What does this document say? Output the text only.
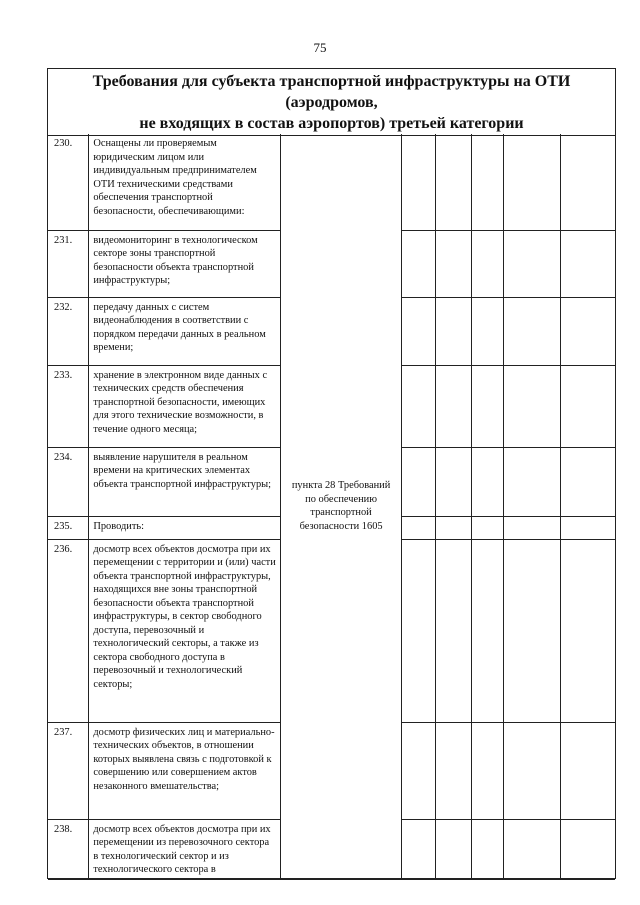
75
Требования для субъекта транспортной инфраструктуры на ОТИ (аэродромов,
не входящих в состав аэропортов) третьей категории
230.	Оснащены ли проверяемым юридическим лицом или индивидуальным предпринимателем ОТИ техническими средствами обеспечения транспортной безопасности, обеспечивающими:	пункта 28 Требований по обеспечению транспортной безопасности 1605					
231.	видеомониторинг в технологическом секторе зоны транспортной безопасности объекта транспортной инфраструктуры;						
232.	передачу данных с систем видеонаблюдения в соответствии с порядком передачи данных в реальном времени;						
233.	хранение в электронном виде данных с технических средств обеспечения транспортной безопасности, имеющих для этого технические возможности, в течение одного месяца;						
234.	выявление нарушителя в реальном времени на критических элементах объекта транспортной инфраструктуры;						
235.	Проводить:						
236.	досмотр всех объектов досмотра при их перемещении с территории и (или) части объекта транспортной инфраструктуры, находящихся вне зоны транспортной безопасности объекта транспортной инфраструктуры, в сектор свободного доступа, перевозочный и технологический секторы, а также из сектора свободного доступа в перевозочный и технологический секторы;						
237.	досмотр физических лиц и материально-технических объектов, в отношении которых выявлена связь с подготовкой к совершению или совершением актов незаконного вмешательства;						
238.	досмотр всех объектов досмотра при их перемещении из перевозочного сектора в технологический сектор и из технологического сектора в						
